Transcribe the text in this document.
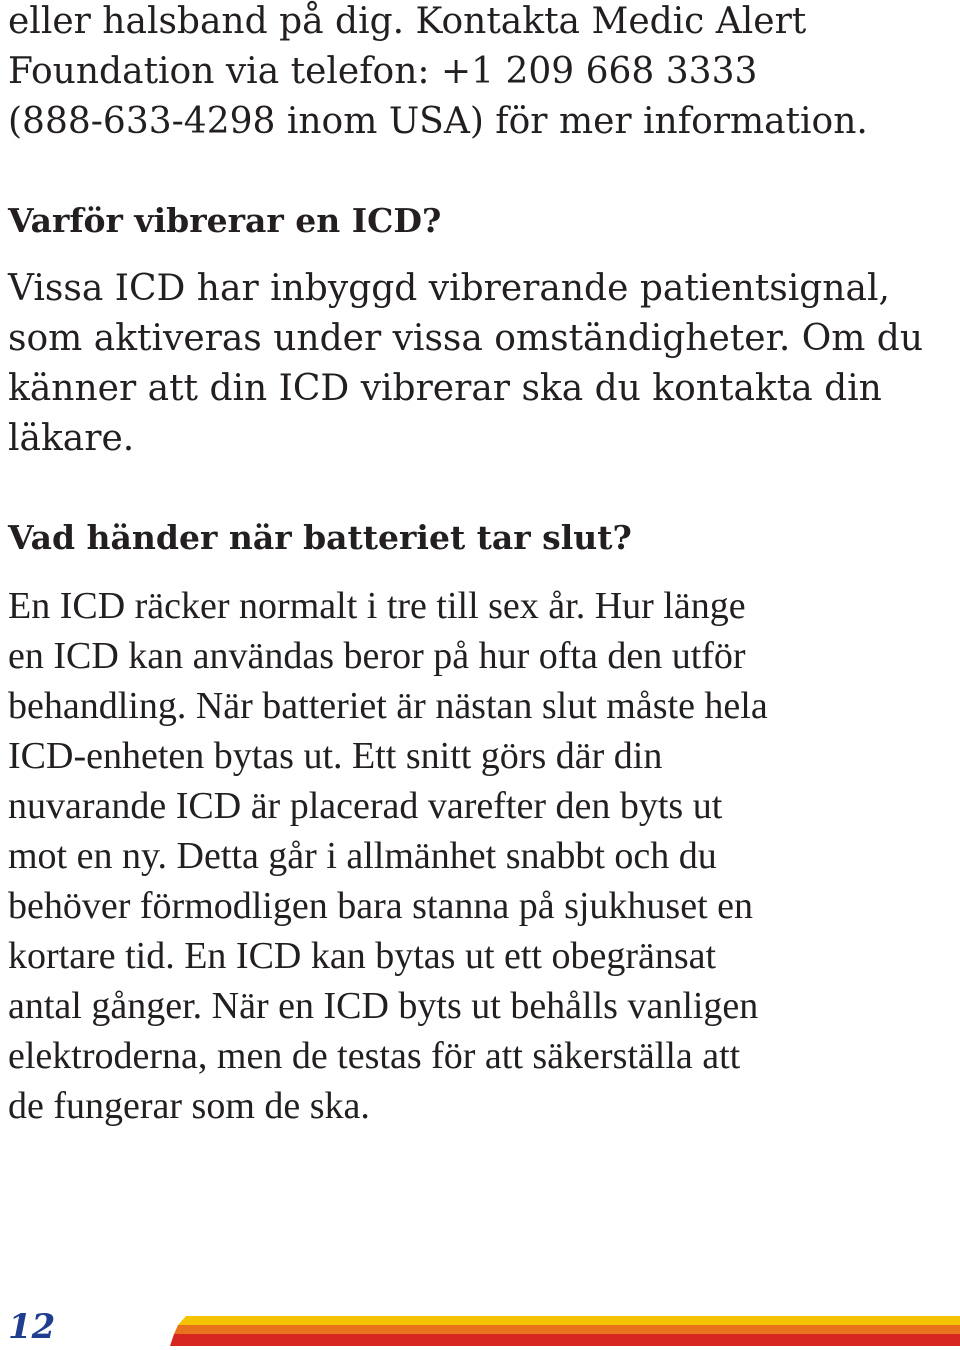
eller halsband på dig. Kontakta Medic Alert
Foundation via telefon: +1 209 668 3333
(888-633-4298 inom USA) för mer information.
Varför vibrerar en ICD?
Vissa ICD har inbyggd vibrerande patientsignal,
som aktiveras under vissa omständigheter. Om du
känner att din ICD vibrerar ska du kontakta din
läkare.
Vad händer när batteriet tar slut?
En ICD räcker normalt i tre till sex år. Hur länge
en ICD kan användas beror på hur ofta den utför
behandling. När batteriet är nästan slut måste hela
ICD-enheten bytas ut. Ett snitt görs där din
nuvarande ICD är placerad varefter den byts ut
mot en ny. Detta går i allmänhet snabbt och du
behöver förmodligen bara stanna på sjukhuset en
kortare tid. En ICD kan bytas ut ett obegränsat
antal gånger. När en ICD byts ut behålls vanligen
elektroderna, men de testas för att säkerställa att
de fungerar som de ska.
12
